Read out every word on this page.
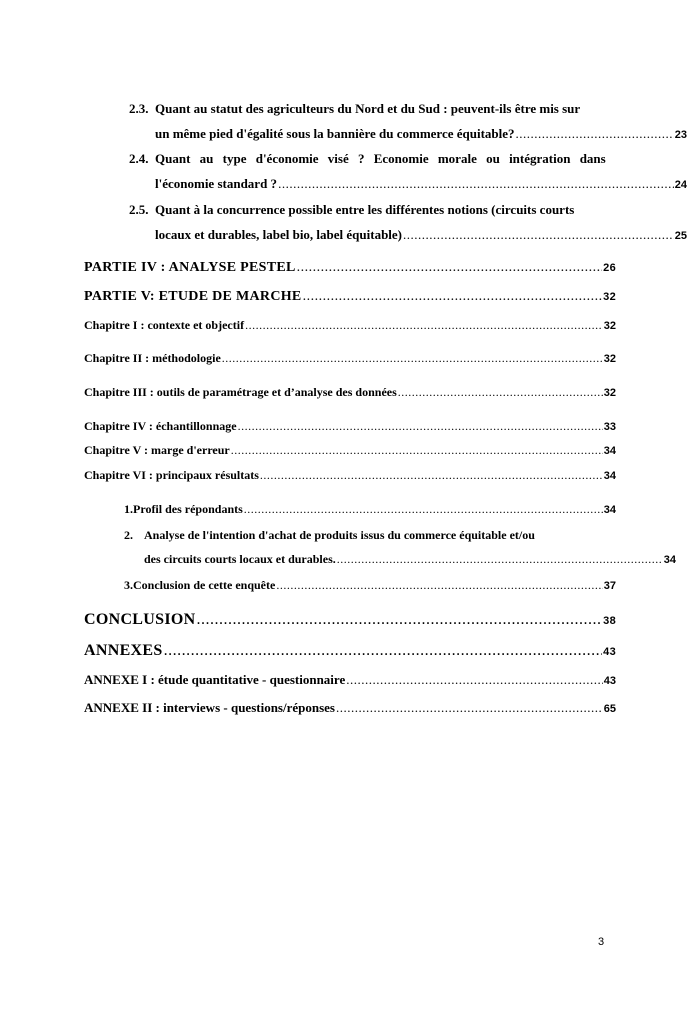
2.3. Quant au statut des agriculteurs du Nord et du Sud : peuvent-ils être mis sur
un même pied d'égalité sous la bannière du commerce équitable? .....	23
2.4. Quant au type d'économie visé ? Economie morale ou intégration dans
l'économie standard ? .....	24
2.5. Quant à la concurrence possible entre les différentes notions (circuits courts
locaux et durables, label bio, label équitable) .....	25
PARTIE IV : ANALYSE PESTEL .....	26
PARTIE V: ETUDE DE MARCHE .....	32
Chapitre I : contexte et objectif .....	32
Chapitre II : méthodologie .....	32
Chapitre III : outils de paramétrage et d’analyse des données .....	32
Chapitre IV : échantillonnage .....	33
Chapitre V : marge d'erreur .....	34
Chapitre VI : principaux résultats .....	34
1. Profil des répondants .....	34
2. Analyse de l'intention d'achat de produits issus du commerce équitable et/ou
des circuits courts locaux et durables. .....	34
3. Conclusion de cette enquête .....	37
CONCLUSION .....	38
ANNEXES .....	43
ANNEXE I : étude quantitative - questionnaire .....	43
ANNEXE II : interviews - questions/réponses .....	65
3
